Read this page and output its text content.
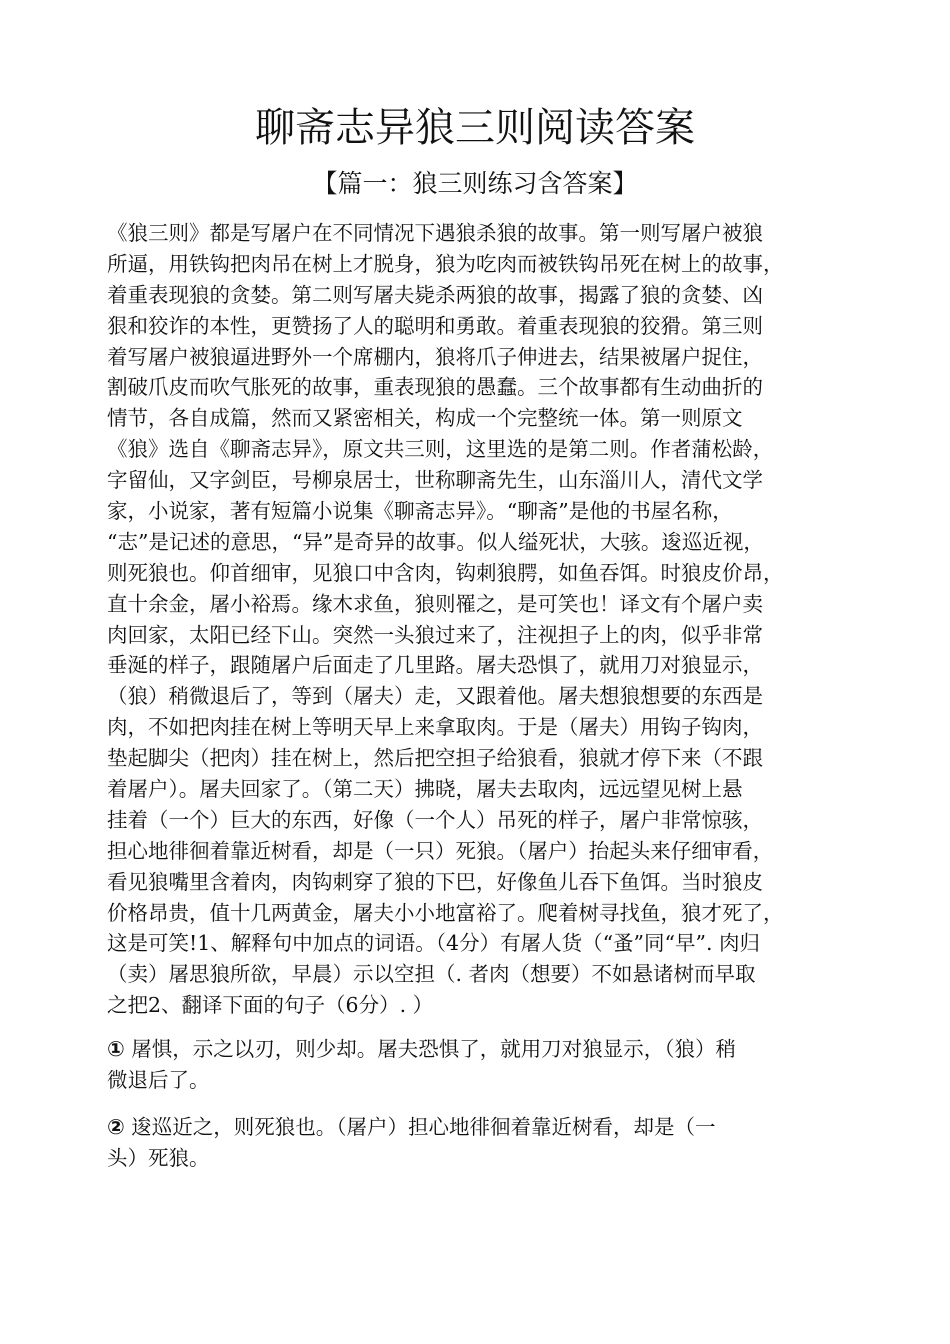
聊斋志异狼三则阅读答案
【篇一：狼三则练习含答案】
《狼三则》都是写屠户在不同情况下遇狼杀狼的故事。第一则写屠户被狼
所逼，用铁钩把肉吊在树上才脱身，狼为吃肉而被铁钩吊死在树上的故事，
着重表现狼的贪婪。第二则写屠夫毙杀两狼的故事，揭露了狼的贪婪、凶
狠和狡诈的本性，更赞扬了人的聪明和勇敢。着重表现狼的狡猾。第三则
着写屠户被狼逼进野外一个席棚内，狼将爪子伸进去，结果被屠户捉住，
割破爪皮而吹气胀死的故事，重表现狼的愚蠢。三个故事都有生动曲折的
情节，各自成篇，然而又紧密相关，构成一个完整统一体。第一则原文
《狼》选自《聊斋志异》，原文共三则，这里选的是第二则。作者蒲松龄，
字留仙，又字剑臣，号柳泉居士，世称聊斋先生，山东淄川人，清代文学
家，小说家，著有短篇小说集《聊斋志异》。“聊斋”是他的书屋名称，
“志”是记述的意思，“异”是奇异的故事。似人缢死状，大骇。逡巡近视，
则死狼也。仰首细审，见狼口中含肉，钩刺狼腭，如鱼吞饵。时狼皮价昂，
直十余金，屠小裕焉。缘木求鱼，狼则罹之，是可笑也！译文有个屠户卖
肉回家，太阳已经下山。突然一头狼过来了，注视担子上的肉，似乎非常
垂涎的样子，跟随屠户后面走了几里路。屠夫恐惧了，就用刀对狼显示，
（狼）稍微退后了，等到（屠夫）走，又跟着他。屠夫想狼想要的东西是
肉，不如把肉挂在树上等明天早上来拿取肉。于是（屠夫）用钩子钩肉，
垫起脚尖（把肉）挂在树上，然后把空担子给狼看，狼就才停下来（不跟
着屠户）。屠夫回家了。（第二天）拂晓，屠夫去取肉，远远望见树上悬
挂着（一个）巨大的东西，好像（一个人）吊死的样子，屠户非常惊骇，
担心地徘徊着靠近树看，却是（一只）死狼。（屠户）抬起头来仔细审看，
看见狼嘴里含着肉，肉钩刺穿了狼的下巴，好像鱼儿吞下鱼饵。当时狼皮
价格昂贵，值十几两黄金，屠夫小小地富裕了。爬着树寻找鱼，狼才死了，
这是可笑!1、解释句中加点的词语。（4分）有屠人货（“蚤”同“早”. 肉归
（卖）屠思狼所欲，早晨）示以空担（. 者肉（想要）不如悬诸树而早取
之把2、翻译下面的句子（6分）. ）
① 屠惧，示之以刃，则少却。屠夫恐惧了，就用刀对狼显示，（狼）稍
微退后了。
② 逡巡近之，则死狼也。（屠户）担心地徘徊着靠近树看，却是（一
头）死狼。
